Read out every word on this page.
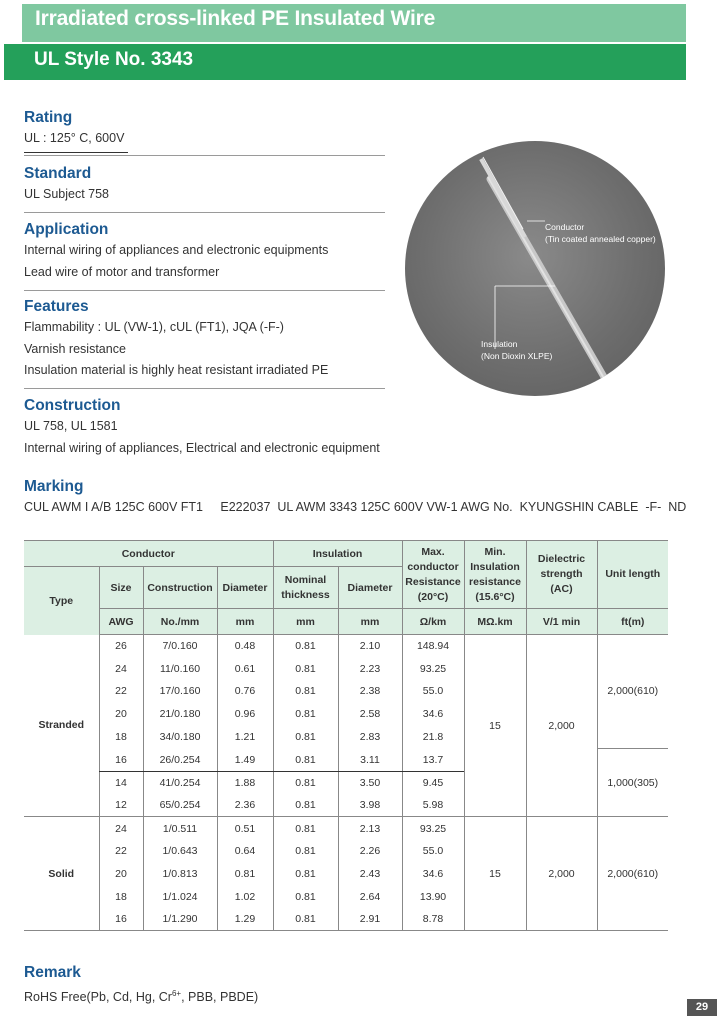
Irradiated cross-linked PE Insulated Wire
UL Style No. 3343
Rating
UL : 125° C, 600V
Standard
UL Subject 758
Application
Internal wiring of appliances and electronic equipments
Lead wire of motor and transformer
Features
Flammability : UL (VW-1), cUL (FT1), JQA (-F-)
Varnish resistance
Insulation material is highly heat resistant irradiated PE
Construction
UL 758, UL 1581
Internal wiring of appliances, Electrical and electronic equipment
Marking
CUL AWM I A/B 125C 600V FT1     E222037  UL AWM 3343 125C 600V VW-1 AWG No.  KYUNGSHIN CABLE  -F-  ND
Conductor
(Tin coated annealed copper)
Insulation
(Non Dioxin XLPE)
Conductor				Insulation		Max. conductor Resistance (20°C)	Min. Insulation resistance (15.6°C)	Dielectric strength (AC)	Unit length
Type	Size	Construction	Diameter	Nominal thickness	Diameter				
	AWG	No./mm	mm	mm	mm	Ω/km	MΩ.km	V/1 min	ft(m)
Stranded	26	7/0.160	0.48	0.81	2.10	148.94	15	2,000	2,000(610)
	24	11/0.160	0.61	0.81	2.23	93.25			
	22	17/0.160	0.76	0.81	2.38	55.0			
	20	21/0.180	0.96	0.81	2.58	34.6			
	18	34/0.180	1.21	0.81	2.83	21.8			
	16	26/0.254	1.49	0.81	3.11	13.7			1,000(305)
	14	41/0.254	1.88	0.81	3.50	9.45			
	12	65/0.254	2.36	0.81	3.98	5.98			
Solid	24	1/0.511	0.51	0.81	2.13	93.25	15	2,000	2,000(610)
	22	1/0.643	0.64	0.81	2.26	55.0			
	20	1/0.813	0.81	0.81	2.43	34.6			
	18	1/1.024	1.02	0.81	2.64	13.90			
	16	1/1.290	1.29	0.81	2.91	8.78			
Remark
RoHS Free(Pb, Cd, Hg, $Cr^{6+}$, PBB, PBDE)
29
